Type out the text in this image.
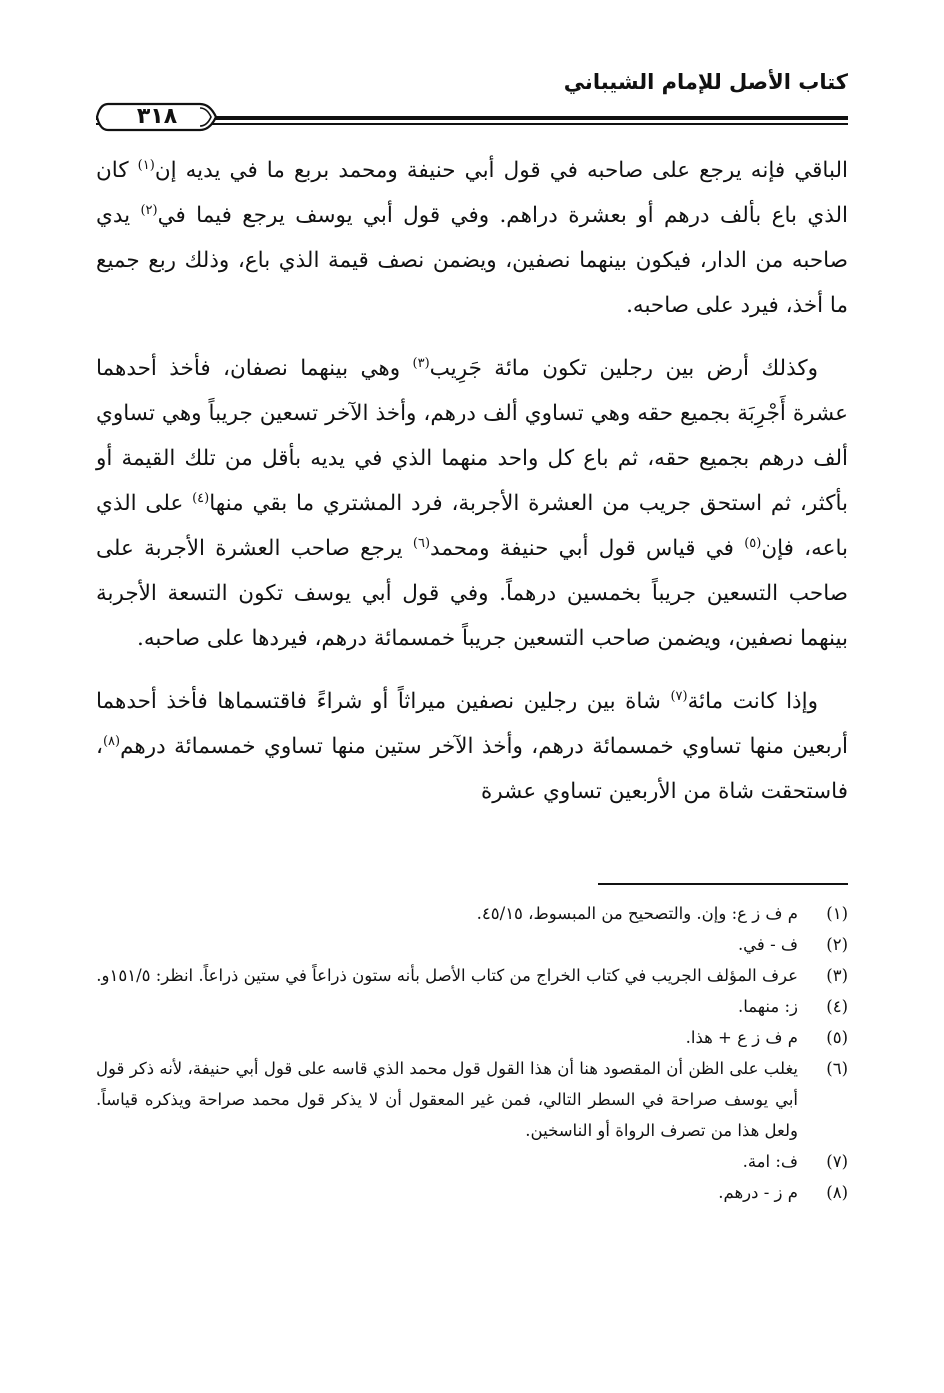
كتاب الأصل للإمام الشيباني
٣١٨

الباقي فإنه يرجع على صاحبه في قول أبي حنيفة ومحمد بربع ما في يديه إن$^{(١)}$ كان الذي باع بألف درهم أو بعشرة دراهم. وفي قول أبي يوسف يرجع فيما في$^{(٢)}$ يدي صاحبه من الدار، فيكون بينهما نصفين، ويضمن نصف قيمة الذي باع، وذلك ربع جميع ما أخذ، فيرد على صاحبه.

وكذلك أرض بين رجلين تكون مائة جَرِيب$^{(٣)}$ وهي بينهما نصفان، فأخذ أحدهما عشرة أَجْرِبَة بجميع حقه وهي تساوي ألف درهم، وأخذ الآخر تسعين جريباً وهي تساوي ألف درهم بجميع حقه، ثم باع كل واحد منهما الذي في يديه بأقل من تلك القيمة أو بأكثر، ثم استحق جريب من العشرة الأجربة، فرد المشتري ما بقي منها$^{(٤)}$ على الذي باعه، فإن$^{(٥)}$ في قياس قول أبي حنيفة ومحمد$^{(٦)}$ يرجع صاحب العشرة الأجربة على صاحب التسعين جريباً بخمسين درهماً. وفي قول أبي يوسف تكون التسعة الأجربة بينهما نصفين، ويضمن صاحب التسعين جريباً خمسمائة درهم، فيردها على صاحبه.

وإذا كانت مائة$^{(٧)}$ شاة بين رجلين نصفين ميراثاً أو شراءً فاقتسماها فأخذ أحدهما أربعين منها تساوي خمسمائة درهم، وأخذ الآخر ستين منها تساوي خمسمائة درهم$^{(٨)}$، فاستحقت شاة من الأربعين تساوي عشرة

(١)
م ف ز ع: وإن. والتصحيح من المبسوط، ٤٥/١٥.
(٢)
ف - في.
(٣)
عرف المؤلف الجريب في كتاب الخراج من كتاب الأصل بأنه ستون ذراعاً في ستين ذراعاً. انظر: ١٥١/٥و.
(٤)
ز: منهما.
(٥)
م ف ز ع + هذا.
(٦)
يغلب على الظن أن المقصود هنا أن هذا القول قول محمد الذي قاسه على قول أبي حنيفة، لأنه ذكر قول أبي يوسف صراحة في السطر التالي، فمن غير المعقول أن لا يذكر قول محمد صراحة ويذكره قياساً. ولعل هذا من تصرف الرواة أو الناسخين.
(٧)
ف: امة.
(٨)
م ز - درهم.
